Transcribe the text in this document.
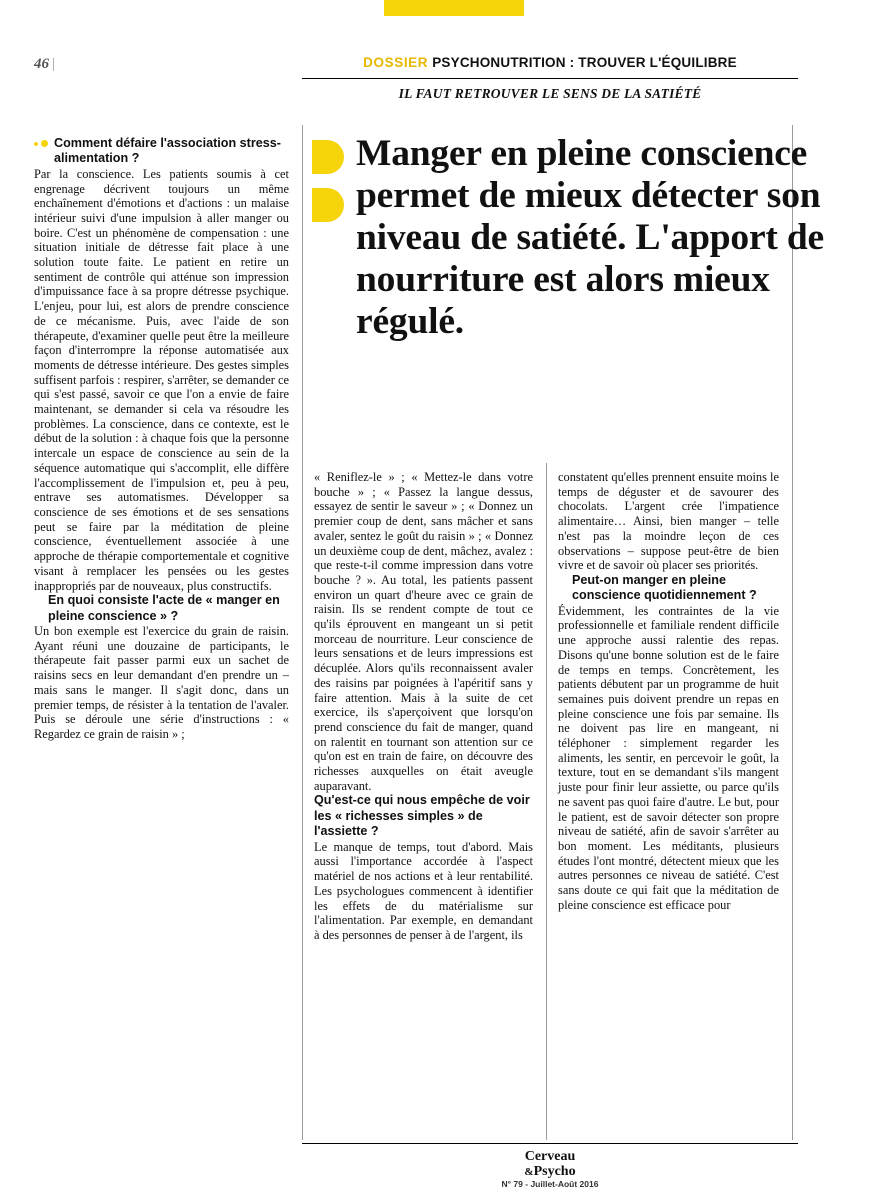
46 |	DOSSIER PSYCHONUTRITION : TROUVER L'ÉQUILIBRE
IL FAUT RETROUVER LE SENS DE LA SATIÉTÉ
Manger en pleine conscience permet de mieux détecter son niveau de satiété. L'apport de nourriture est alors mieux régulé.

Comment défaire l'association stress-alimentation ?

Par la conscience. Les patients soumis à cet engrenage décrivent toujours un même enchaînement d'émotions et d'actions : un malaise intérieur suivi d'une impulsion à aller manger ou boire. C'est un phénomène de compensation : une situation initiale de détresse fait place à une solution toute faite. Le patient en retire un sentiment de contrôle qui atténue son impression d'impuissance face à sa propre détresse psychique. L'enjeu, pour lui, est alors de prendre conscience de ce mécanisme. Puis, avec l'aide de son thérapeute, d'examiner quelle peut être la meilleure façon d'interrompre la réponse automatisée aux moments de détresse intérieure. Des gestes simples suffisent parfois : respirer, s'arrêter, se demander ce qui s'est passé, savoir ce que l'on a envie de faire maintenant, se demander si cela va résoudre les problèmes. La conscience, dans ce contexte, est le début de la solution : à chaque fois que la personne intercale un espace de conscience au sein de la séquence automatique qui s'accomplit, elle diffère l'accomplissement de l'impulsion et, peu à peu, entrave ses automatismes. Développer sa conscience de ses émotions et de ses sensations peut se faire par la méditation de pleine conscience, éventuellement associée à une approche de thérapie comportementale et cognitive visant à remplacer les pensées ou les gestes inappropriés par de nouveaux, plus constructifs.

En quoi consiste l'acte de « manger en pleine conscience » ?

Un bon exemple est l'exercice du grain de raisin. Ayant réuni une douzaine de participants, le thérapeute fait passer parmi eux un sachet de raisins secs en leur demandant d'en prendre un – mais sans le manger. Il s'agit donc, dans un premier temps, de résister à la tentation de l'avaler. Puis se déroule une série d'instructions : « Regardez ce grain de raisin » ;

« Reniflez-le » ; « Mettez-le dans votre bouche » ; « Passez la langue dessus, essayez de sentir le saveur » ; « Donnez un premier coup de dent, sans mâcher et sans avaler, sentez le goût du raisin » ; « Donnez un deuxième coup de dent, mâchez, avalez : que reste-t-il comme impression dans votre bouche ? ». Au total, les patients passent environ un quart d'heure avec ce grain de raisin. Ils se rendent compte de tout ce qu'ils éprouvent en mangeant un si petit morceau de nourriture. Leur conscience de leurs sensations et de leurs impressions est décuplée. Alors qu'ils reconnaissent avaler des raisins par poignées à l'apéritif sans y faire attention. Mais à la suite de cet exercice, ils s'aperçoivent que lorsqu'on prend conscience du fait de manger, quand on ralentit en tournant son attention sur ce qu'on est en train de faire, on découvre des richesses auxquelles on était aveugle auparavant.

Qu'est-ce qui nous empêche de voir les « richesses simples » de l'assiette ?

Le manque de temps, tout d'abord. Mais aussi l'importance accordée à l'aspect matériel de nos actions et à leur rentabilité. Les psychologues commencent à identifier les effets de du matérialisme sur l'alimentation. Par exemple, en demandant à des personnes de penser à de l'argent, ils

constatent qu'elles prennent ensuite moins le temps de déguster et de savourer des chocolats. L'argent crée l'impatience alimentaire… Ainsi, bien manger – telle n'est pas la moindre leçon de ces observations – suppose peut-être de bien vivre et de savoir où placer ses priorités.

Peut-on manger en pleine conscience quotidiennement ?

Évidemment, les contraintes de la vie professionnelle et familiale rendent difficile une approche aussi ralentie des repas. Disons qu'une bonne solution est de le faire de temps en temps. Concrètement, les patients débutent par un programme de huit semaines puis doivent prendre un repas en pleine conscience une fois par semaine. Ils ne doivent pas lire en mangeant, ni téléphoner : simplement regarder les aliments, les sentir, en percevoir le goût, la texture, tout en se demandant s'ils mangent juste pour finir leur assiette, ou parce qu'ils ne savent pas quoi faire d'autre. Le but, pour le patient, est de savoir détecter son propre niveau de satiété, afin de savoir s'arrêter au bon moment. Les méditants, plusieurs études l'ont montré, détectent mieux que les autres personnes ce niveau de satiété. C'est sans doute ce qui fait que la méditation de pleine conscience est efficace pour

Cerveau
&Psycho
N° 79 - Juillet-Août 2016
